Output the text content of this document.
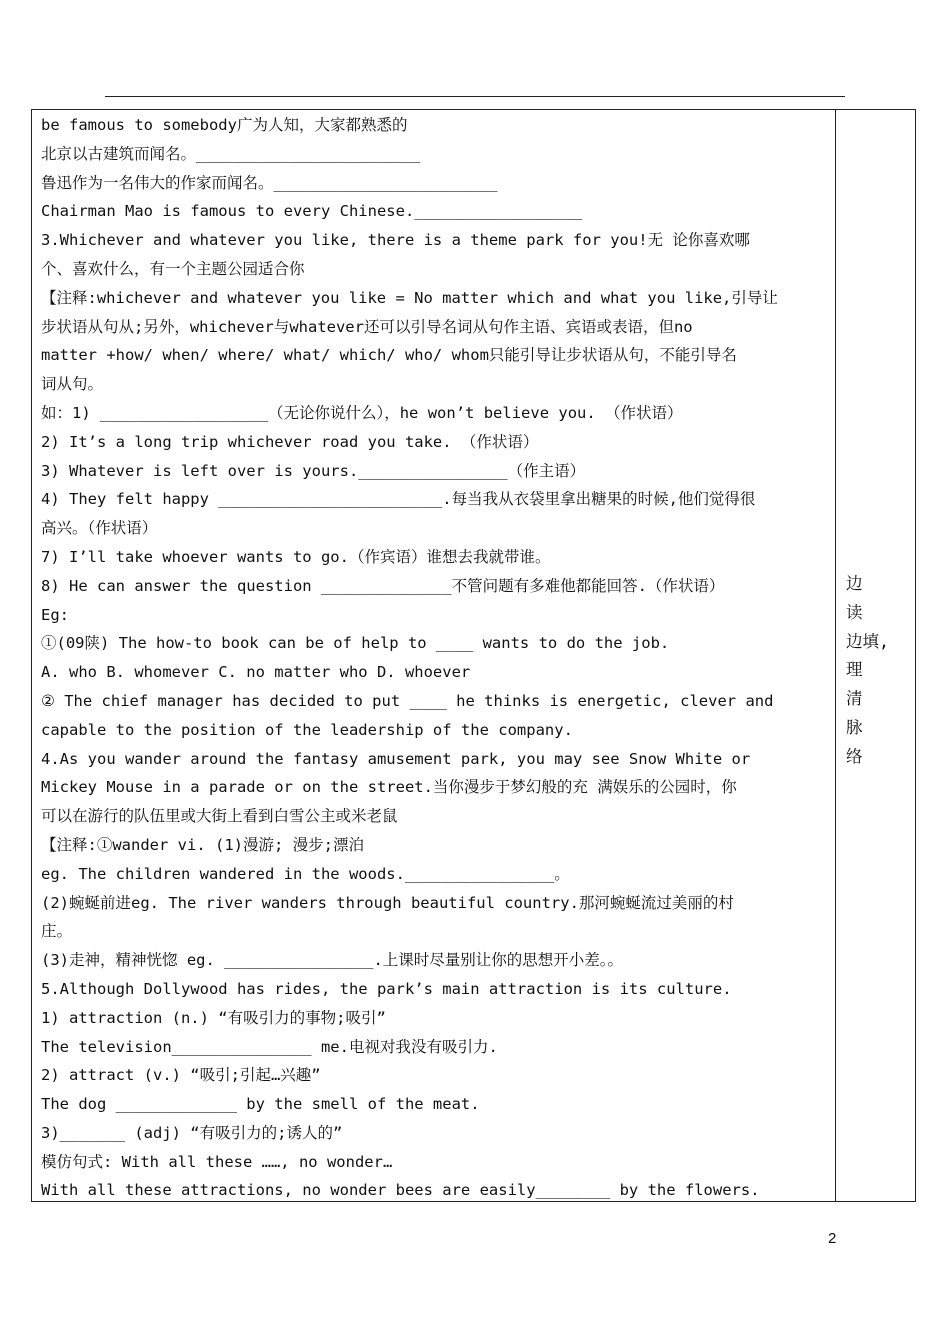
be famous to somebody广为人知，大家都熟悉的
北京以古建筑而闻名。________________________
鲁迅作为一名伟大的作家而闻名。________________________
Chairman Mao is famous to every Chinese.__________________
3.Whichever and whatever you like, there is a theme park for you!无 论你喜欢哪
个、喜欢什么，有一个主题公园适合你
【注释:whichever and whatever you like = No matter which and what you like,引导让
步状语从句从;另外，whichever与whatever还可以引导名词从句作主语、宾语或表语，但no
matter +how/ when/ where/ what/ which/ who/ whom只能引导让步状语从句，不能引导名
词从句。
如：1) __________________（无论你说什么），he won’t believe you. （作状语）
2) It’s a long trip whichever road you take. （作状语）
3) Whatever is left over is yours.________________（作主语）
4) They felt happy ________________________.每当我从衣袋里拿出糖果的时候,他们觉得很
高兴。（作状语）
7) I’ll take whoever wants to go.（作宾语）谁想去我就带谁。
8) He can answer the question ______________不管问题有多难他都能回答.（作状语）
Eg:
①(09陕) The how-to book can be of help to ____ wants to do the job.
A. who B. whomever C. no matter who D. whoever
② The chief manager has decided to put ____ he thinks is energetic, clever and
capable to the position of the leadership of the company.
4.As you wander around the fantasy amusement park, you may see Snow White or
Mickey Mouse in a parade or on the street.当你漫步于梦幻般的充 满娱乐的公园时，你
可以在游行的队伍里或大街上看到白雪公主或米老鼠
【注释:①wander vi. (1)漫游; 漫步;漂泊
eg. The children wandered in the woods.________________。
(2)蜿蜒前进eg. The river wanders through beautiful country.那河蜿蜒流过美丽的村
庄。
(3)走神，精神恍惚 eg. ________________.上课时尽量别让你的思想开小差。。
5.Although Dollywood has rides, the park’s main attraction is its culture.
1) attraction (n.) “有吸引力的事物;吸引”
The television_______________ me.电视对我没有吸引力.
2) attract (v.) “吸引;引起…兴趣”
The dog _____________ by the smell of the meat.
3)_______ (adj) “有吸引力的;诱人的”
模仿句式: With all these ……, no wonder…
With all these attractions, no wonder bees are easily________ by the flowers.
边
读
边填,
理
清
脉
络
2
